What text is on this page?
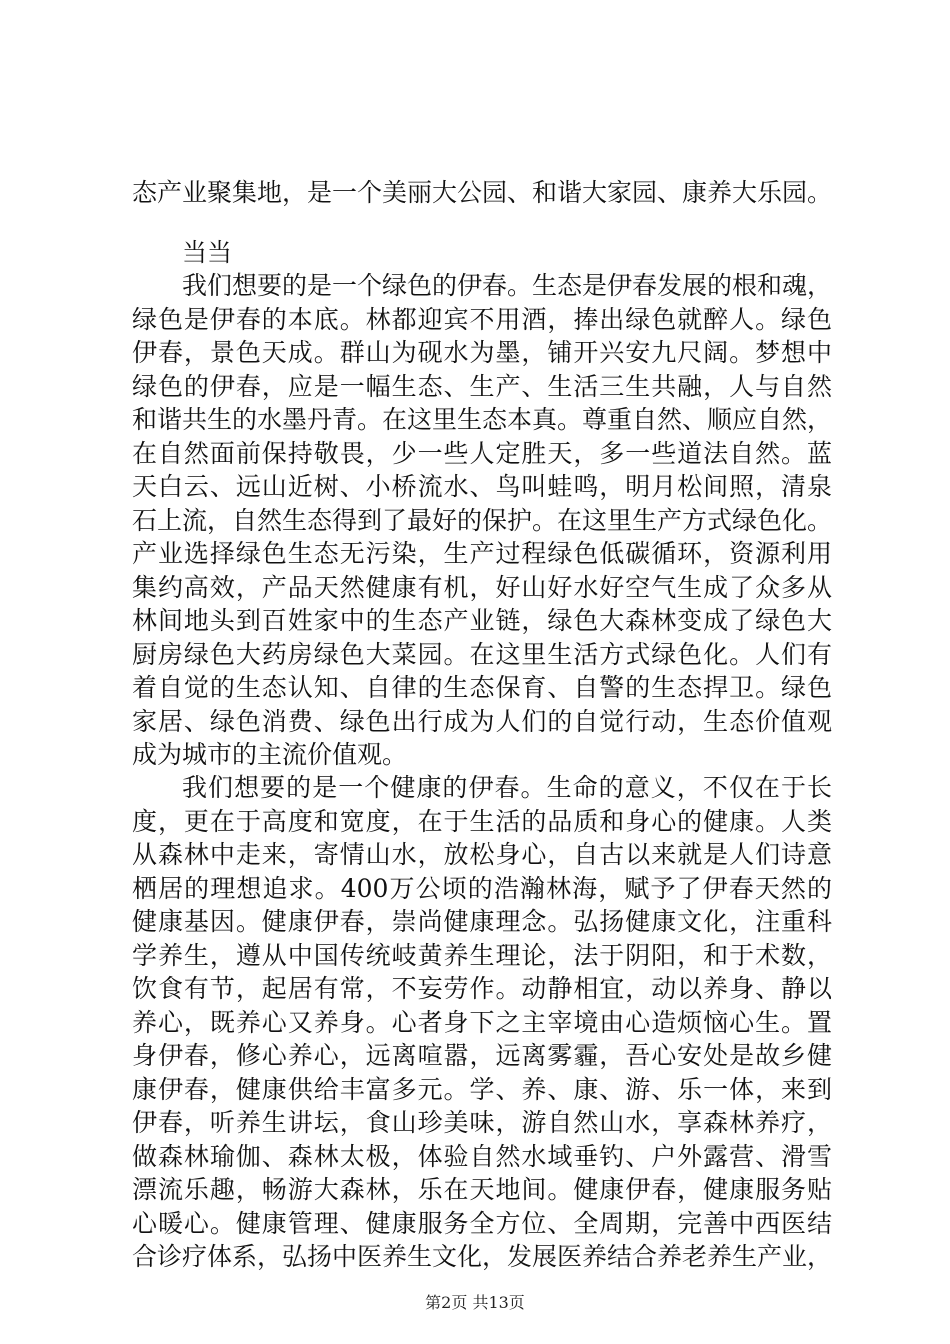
态产业聚集地，是一个美丽大公园、和谐大家园、康养大乐园。
当当
我们想要的是一个绿色的伊春。生态是伊春发展的根和魂，
绿色是伊春的本底。林都迎宾不用酒，捧出绿色就醉人。绿色
伊春，景色天成。群山为砚水为墨，铺开兴安九尺阔。梦想中
绿色的伊春，应是一幅生态、生产、生活三生共融，人与自然
和谐共生的水墨丹青。在这里生态本真。尊重自然、顺应自然，
在自然面前保持敬畏，少一些人定胜天，多一些道法自然。蓝
天白云、远山近树、小桥流水、鸟叫蛙鸣，明月松间照，清泉
石上流，自然生态得到了最好的保护。在这里生产方式绿色化。
产业选择绿色生态无污染，生产过程绿色低碳循环，资源利用
集约高效，产品天然健康有机，好山好水好空气生成了众多从
林间地头到百姓家中的生态产业链，绿色大森林变成了绿色大
厨房绿色大药房绿色大菜园。在这里生活方式绿色化。人们有
着自觉的生态认知、自律的生态保育、自警的生态捍卫。绿色
家居、绿色消费、绿色出行成为人们的自觉行动，生态价值观
成为城市的主流价值观。
我们想要的是一个健康的伊春。生命的意义，不仅在于长
度，更在于高度和宽度，在于生活的品质和身心的健康。人类
从森林中走来，寄情山水，放松身心，自古以来就是人们诗意
栖居的理想追求。400万公顷的浩瀚林海，赋予了伊春天然的
健康基因。健康伊春，崇尚健康理念。弘扬健康文化，注重科
学养生，遵从中国传统岐黄养生理论，法于阴阳，和于术数，
饮食有节，起居有常，不妄劳作。动静相宜，动以养身、静以
养心，既养心又养身。心者身下之主宰境由心造烦恼心生。置
身伊春，修心养心，远离喧嚣，远离雾霾，吾心安处是故乡健
康伊春，健康供给丰富多元。学、养、康、游、乐一体，来到
伊春，听养生讲坛，食山珍美味，游自然山水，享森林养疗，
做森林瑜伽、森林太极，体验自然水域垂钓、户外露营、滑雪
漂流乐趣，畅游大森林，乐在天地间。健康伊春，健康服务贴
第2页 共13页
心暖心。健康管理、健康服务全方位、全周期，完善中西医结
合诊疗体系，弘扬中医养生文化，发展医养结合养老养生产业，
